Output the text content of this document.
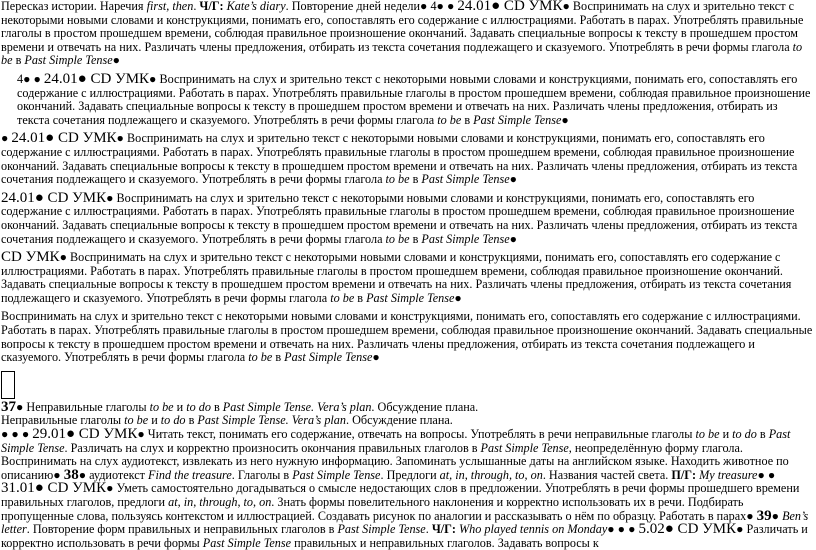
Пересказ истории. Наречия first, then. Ч/Г: Kate’s diary. Повторение дней недели● 4● ● 24.01● CD УМК● Воспринимать на слух и зрительно текст с некоторыми новыми словами и конструкциями, понимать его, сопоставлять его содержание с иллюстрациями. Работать в парах. Употреблять правильные глаголы в простом прошедшем времени, соблюдая правильное произношение окончаний. Задавать специальные вопросы к тексту в прошедшем простом времени и отвечать на них. Различать члены предложения, отбирать из текста сочетания подлежащего и сказуемого. Употреблять в речи формы глагола to be в Past Simple Tense●

4● ● 24.01● CD УМК● Воспринимать на слух и зрительно текст с некоторыми новыми словами и конструкциями, понимать его, сопоставлять его содержание с иллюстрациями. Работать в парах. Употреблять правильные глаголы в простом прошедшем времени, соблюдая правильное произношение окончаний. Задавать специальные вопросы к тексту в прошедшем простом времени и отвечать на них. Различать члены предложения, отбирать из текста сочетания подлежащего и сказуемого. Употреблять в речи формы глагола to be в Past Simple Tense●

● 24.01● CD УМК● Воспринимать на слух и зрительно текст с некоторыми новыми словами и конструкциями, понимать его, сопоставлять его содержание с иллюстрациями. Работать в парах. Употреблять правильные глаголы в простом прошедшем времени, соблюдая правильное произношение окончаний. Задавать специальные вопросы к тексту в прошедшем простом времени и отвечать на них. Различать члены предложения, отбирать из текста сочетания подлежащего и сказуемого. Употреблять в речи формы глагола to be в Past Simple Tense●

24.01● CD УМК● Воспринимать на слух и зрительно текст с некоторыми новыми словами и конструкциями, понимать его, сопоставлять его содержание с иллюстрациями. Работать в парах. Употреблять правильные глаголы в простом прошедшем времени, соблюдая правильное произношение окончаний. Задавать специальные вопросы к тексту в прошедшем простом времени и отвечать на них. Различать члены предложения, отбирать из текста сочетания подлежащего и сказуемого. Употреблять в речи формы глагола to be в Past Simple Tense●

CD УМК● Воспринимать на слух и зрительно текст с некоторыми новыми словами и конструкциями, понимать его, сопоставлять его содержание с иллюстрациями. Работать в парах. Употреблять правильные глаголы в простом прошедшем времени, соблюдая правильное произношение окончаний. Задавать специальные вопросы к тексту в прошедшем простом времени и отвечать на них. Различать члены предложения, отбирать из текста сочетания подлежащего и сказуемого. Употреблять в речи формы глагола to be в Past Simple Tense●

Воспринимать на слух и зрительно текст с некоторыми новыми словами и конструкциями, понимать его, сопоставлять его содержание с иллюстрациями. Работать в парах. Употреблять правильные глаголы в простом прошедшем времени, соблюдая правильное произношение окончаний. Задавать специальные вопросы к тексту в прошедшем простом времени и отвечать на них. Различать члены предложения, отбирать из текста сочетания подлежащего и сказуемого. Употреблять в речи формы глагола to be в Past Simple Tense●

37● Неправильные глаголы to be и to do в Past Simple Tense. Vera’s plan. Обсуждение плана.

Неправильные глаголы to be и to do в Past Simple Tense. Vera’s plan. Обсуждение плана.

● ● ● 29.01● CD УМК● Читать текст, понимать его содержание, отвечать на вопросы. Употреблять в речи неправильные глаголы to be и to do в Past Simple Tense. Различать на слух и корректно произносить окончания правильных глаголов в Past Simple Tense, неопределённую форму глагола. Воспринимать на слух аудиотекст, извлекать из него нужную информацию. Запоминать услышанные даты на английском языке. Находить животное по описанию● 38● аудиотекст Find the treasure. Глаголы в Past Simple Tense. Предлоги at, in, through, to, on. Названия частей света. П/Г: My treasure● ● 31.01● CD УМК● Уметь самостоятельно догадываться о смысле недостающих слов в предложении. Употреблять в речи формы прошедшего времени правильных глаголов, предлоги at, in, through, to, on. Знать формы повелительного наклонения и корректно использовать их в речи. Подбирать пропущенные слова, пользуясь контекстом и иллюстрацией. Создавать рисунок по аналогии и рассказывать о нём по образцу. Работать в парах● 39● Ben’s letter. Повторение форм правильных и неправильных глаголов в Past Simple Tense. Ч/Г: Who played tennis on Monday● ● ● 5.02● CD УМК● Различать и корректно использовать в речи формы Past Simple Tense правильных и неправильных глаголов. Задавать вопросы к
